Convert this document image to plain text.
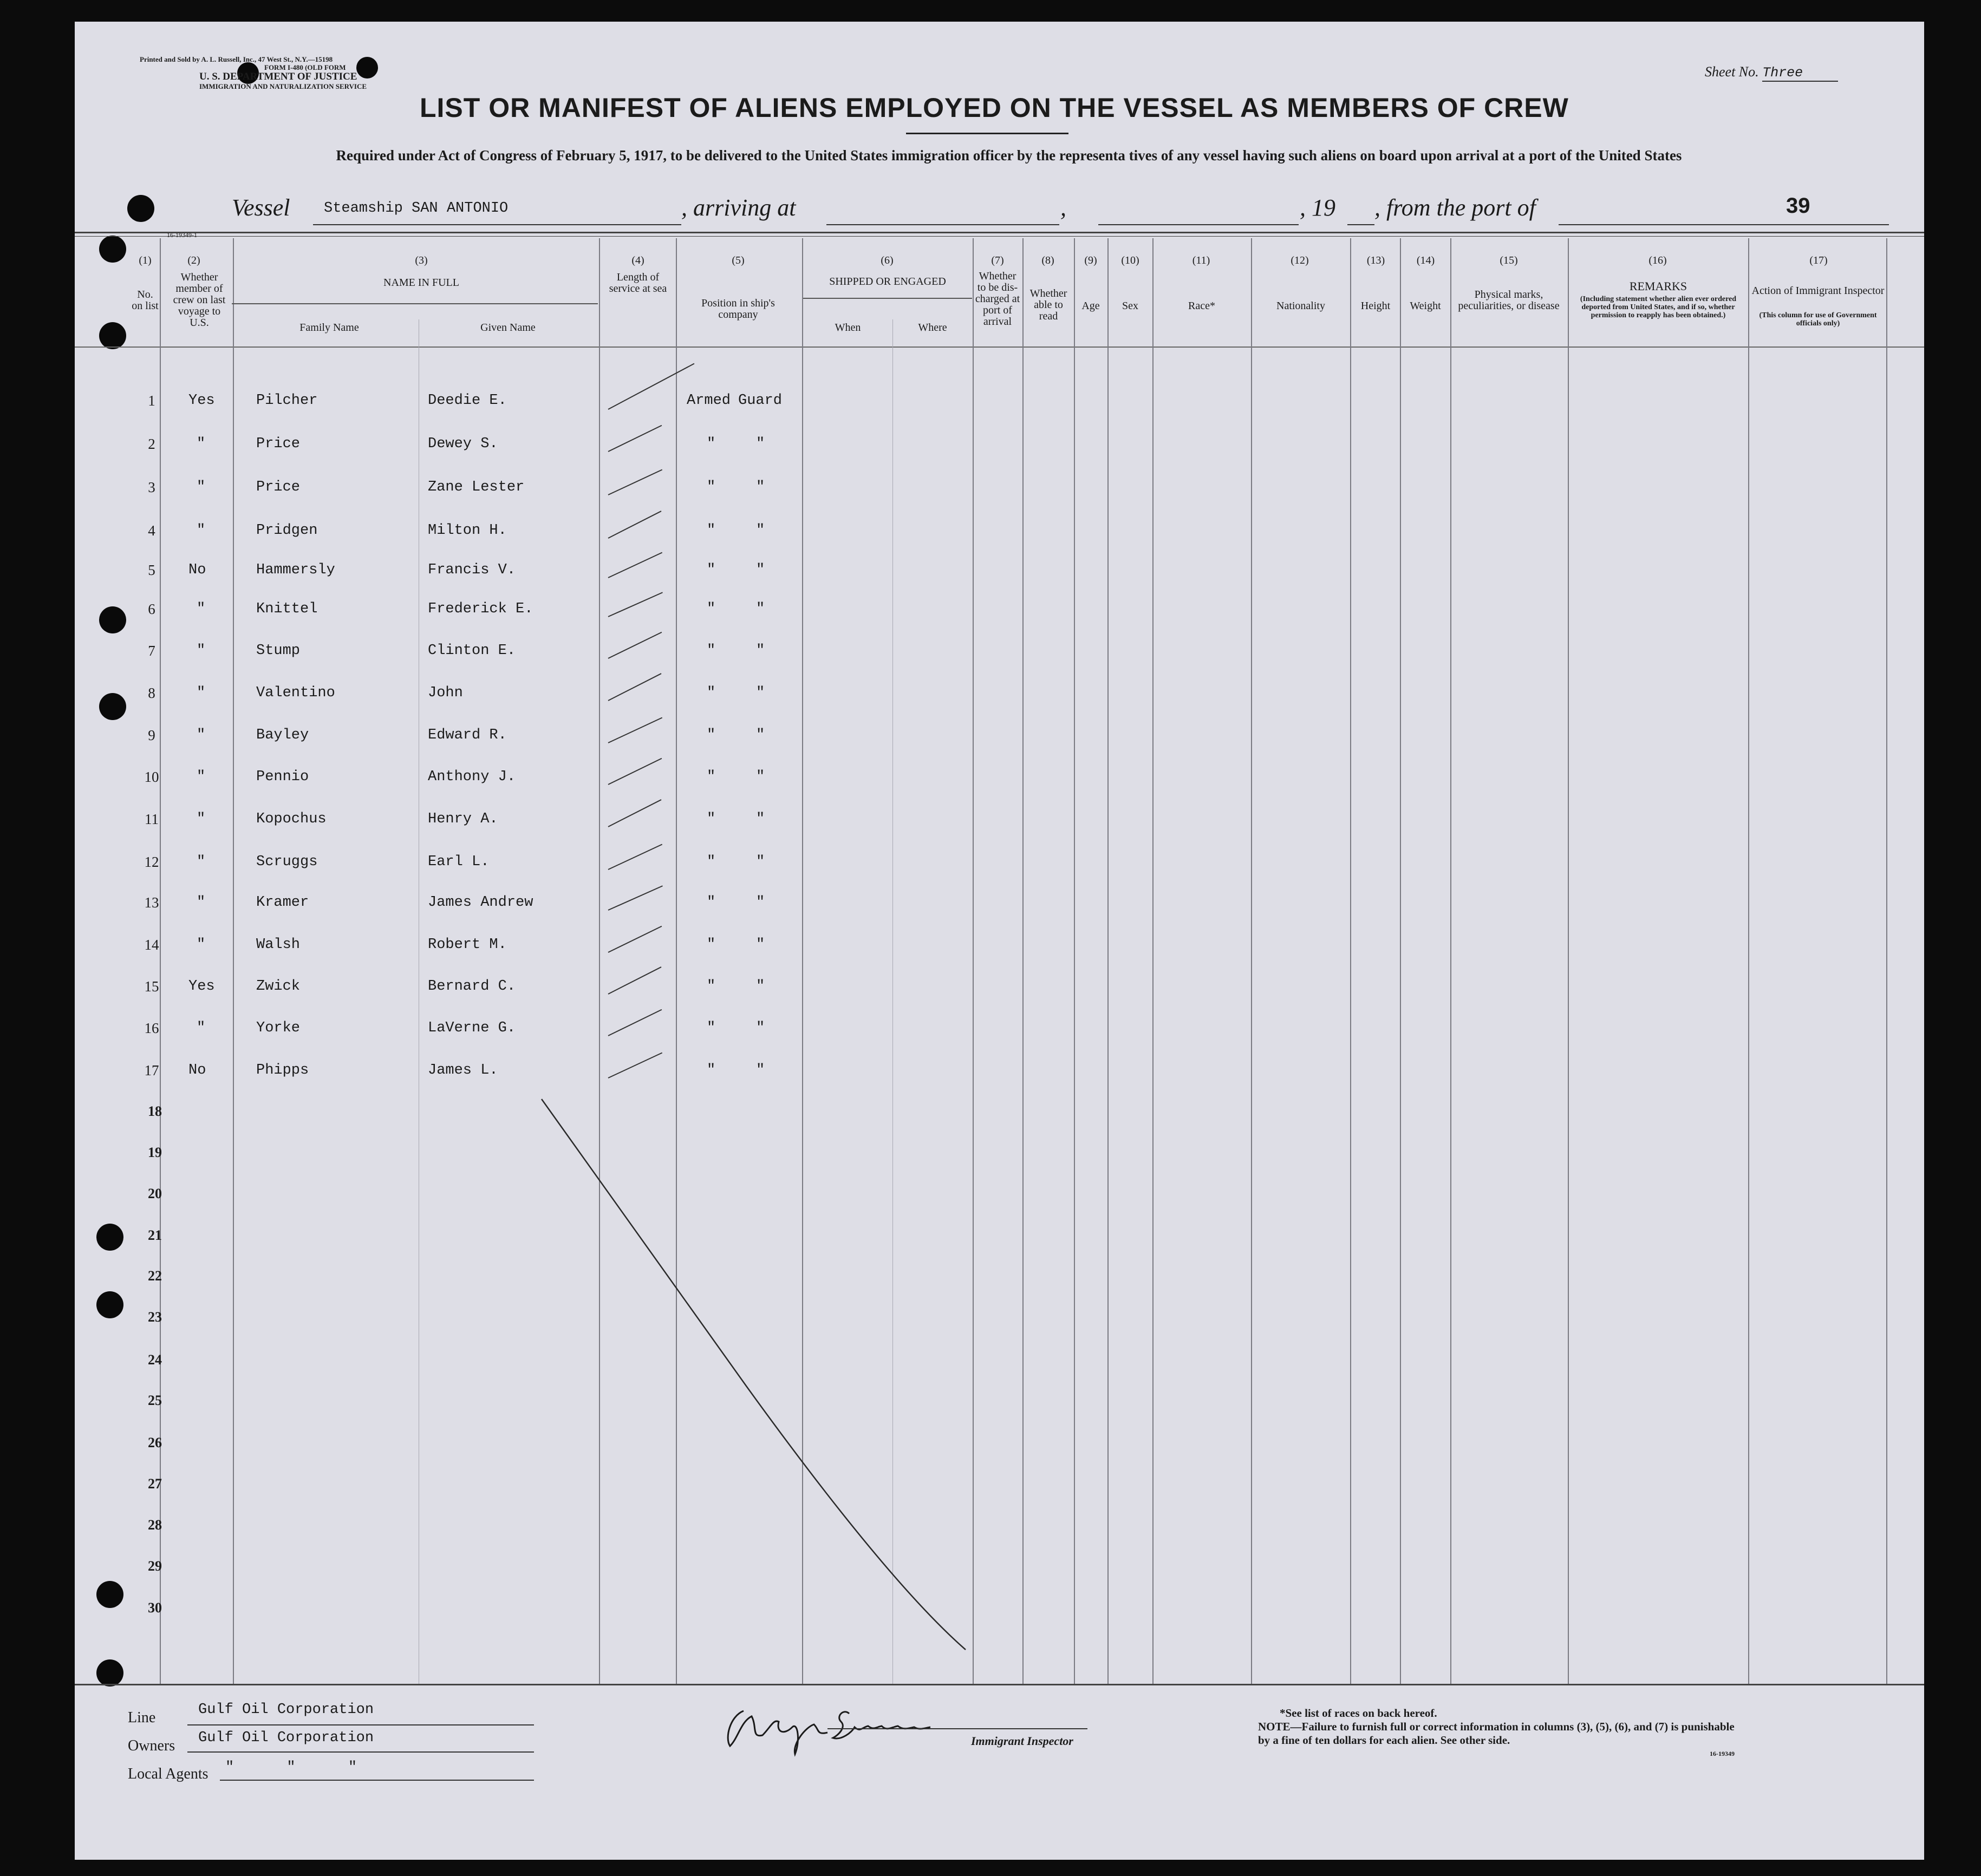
Printed and Sold by A. L. Russell, Inc., 47 West St., N.Y.—15198
FORM I-480 (OLD FORM
U. S. DEPARTMENT OF JUSTICE
IMMIGRATION AND NATURALIZATION SERVICE
Sheet No. Three
LIST OR MANIFEST OF ALIENS EMPLOYED ON THE VESSEL AS MEMBERS OF CREW
Required under Act of Congress of February 5, 1917, to be delivered to the United States immigration officer by the representa tives of any vessel having such aliens on board upon arrival at a port of the United States
Vessel Steamship SAN ANTONIO	, arriving at	,	, 19 , from the port of	39
16-19349-1
(1)
No. on list
(2)
Whether member of crew on last voyage to U.S.
(3)
NAME IN FULL
Family Name	Given Name
(4)
Length of service at sea
(5)
Position in ship's company
(6)
SHIPPED OR ENGAGED
When	Where
(7)
Whether to be dis-charged at port of arrival
(8)
Whether able to read
(9)
Age
(10)
Sex
(11)
Race*
(12)
Nationality
(13)
Height
(14)
Weight
(15)
Physical marks, peculiarities, or disease
(16)
REMARKS
(Including statement whether alien ever ordered deported from United States, and if so, whether permission to reapply has been obtained.)
(17)
Action of Immigrant Inspector
(This column for use of Government officials only)
1	Yes	Pilcher	Deedie E.	Armed Guard
2	"	Price	Dewey S.	"	"
3	"	Price	Zane Lester	"	"
4	"	Pridgen	Milton H.	"	"
5	No	Hammersly	Francis V.	"	"
6	"	Knittel	Frederick E.	"	"
7	"	Stump	Clinton E.	"	"
8	"	Valentino	John	"	"
9	"	Bayley	Edward R.	"	"
10	"	Pennio	Anthony J.	"	"
11	"	Kopochus	Henry A.	"	"
12	"	Scruggs	Earl L.	"	"
13	"	Kramer	James Andrew	"	"
14	"	Walsh	Robert M.	"	"
15	Yes	Zwick	Bernard C.	"	"
16	"	Yorke	LaVerne G.	"	"
17	No	Phipps	James L.	"	"
18
19
20
21
22
23
24
25
26
27
28
29
30
Line	Gulf Oil Corporation
Owners Gulf Oil Corporation
Local Agents "      "      "
Immigrant Inspector
*See list of races on back hereof.
NOTE—Failure to furnish full or correct information in columns (3), (5), (6), and (7) is punishable by a fine of ten dollars for each alien. See other side.
16-19349
